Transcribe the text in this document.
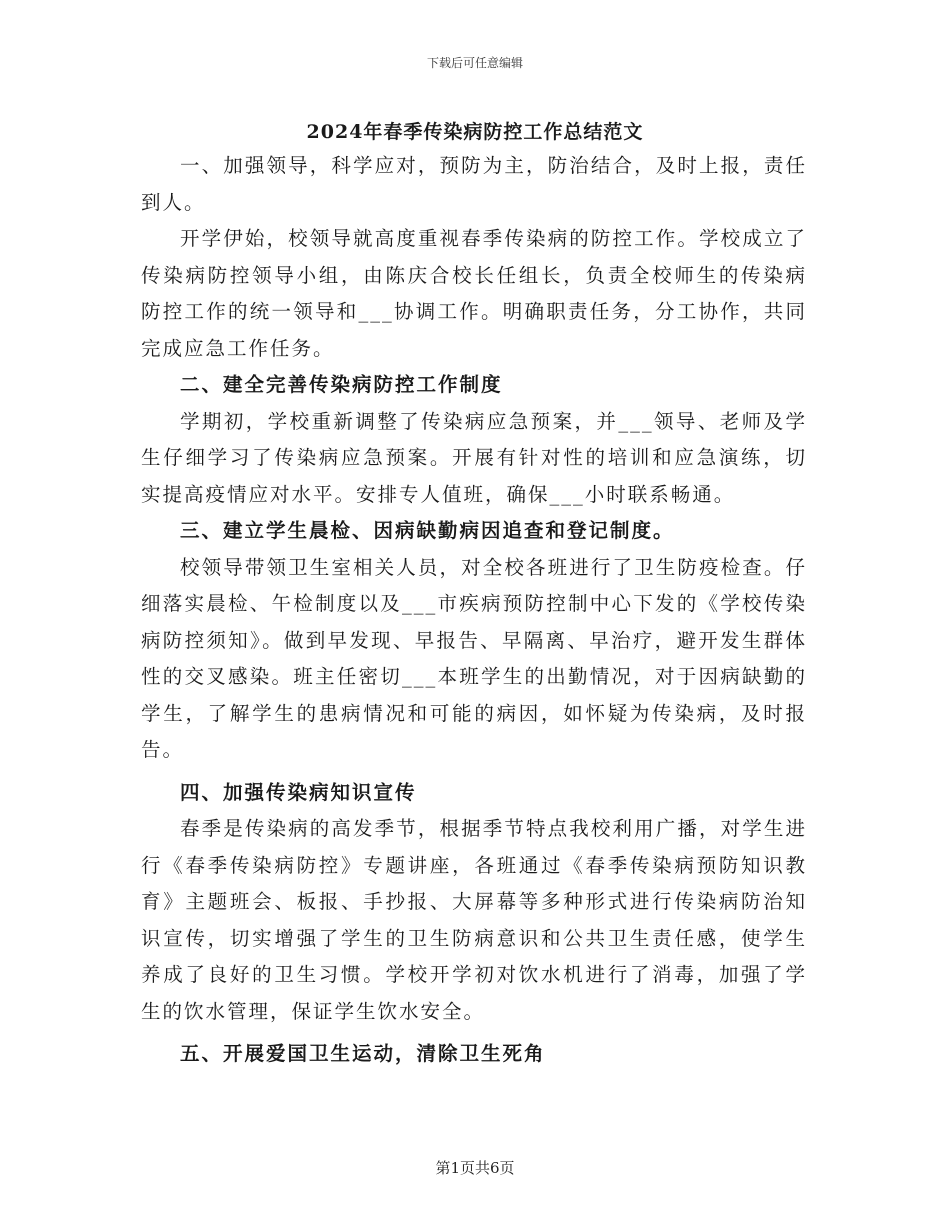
下载后可任意编辑
2024年春季传染病防控工作总结范文

一、加强领导，科学应对，预防为主，防治结合，及时上报，责任到人。

开学伊始，校领导就高度重视春季传染病的防控工作。学校成立了传染病防控领导小组，由陈庆合校长任组长，负责全校师生的传染病防控工作的统一领导和___协调工作。明确职责任务，分工协作，共同完成应急工作任务。

二、建全完善传染病防控工作制度

学期初，学校重新调整了传染病应急预案，并___领导、老师及学生仔细学习了传染病应急预案。开展有针对性的培训和应急演练，切实提高疫情应对水平。安排专人值班，确保___小时联系畅通。

三、建立学生晨检、因病缺勤病因追查和登记制度。

校领导带领卫生室相关人员，对全校各班进行了卫生防疫检查。仔细落实晨检、午检制度以及___市疾病预防控制中心下发的《学校传染病防控须知》。做到早发现、早报告、早隔离、早治疗，避开发生群体性的交叉感染。班主任密切___本班学生的出勤情况，对于因病缺勤的学生，了解学生的患病情况和可能的病因，如怀疑为传染病，及时报告。

四、加强传染病知识宣传

春季是传染病的高发季节，根据季节特点我校利用广播，对学生进行《春季传染病防控》专题讲座，各班通过《春季传染病预防知识教育》主题班会、板报、手抄报、大屏幕等多种形式进行传染病防治知识宣传，切实增强了学生的卫生防病意识和公共卫生责任感，使学生养成了良好的卫生习惯。学校开学初对饮水机进行了消毒，加强了学生的饮水管理，保证学生饮水安全。

五、开展爱国卫生运动，清除卫生死角
第1页共6页
